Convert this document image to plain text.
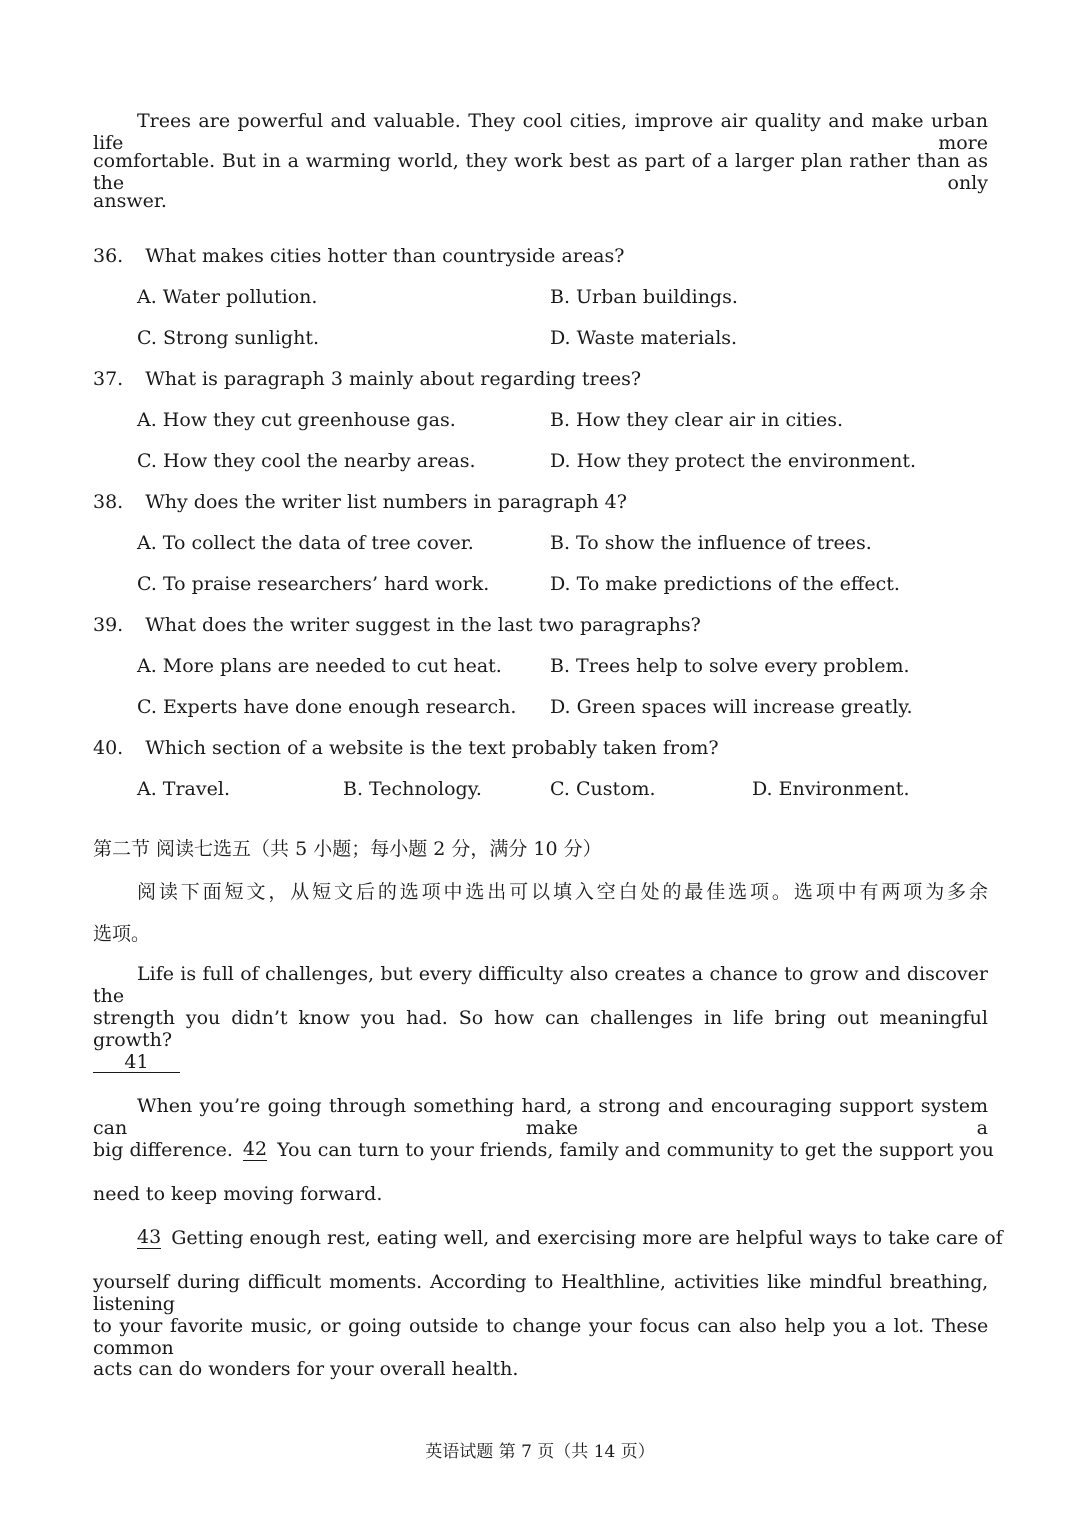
Trees are powerful and valuable. They cool cities, improve air quality and make urban life more
comfortable. But in a warming world, they work best as part of a larger plan rather than as the only
answer.
36. What makes cities hotter than countryside areas?
A. Water pollution.	B. Urban buildings.
C. Strong sunlight.	D. Waste materials.
37. What is paragraph 3 mainly about regarding trees?
A. How they cut greenhouse gas.	B. How they clear air in cities.
C. How they cool the nearby areas.	D. How they protect the environment.
38. Why does the writer list numbers in paragraph 4?
A. To collect the data of tree cover.	B. To show the influence of trees.
C. To praise researchers’ hard work.	D. To make predictions of the effect.
39. What does the writer suggest in the last two paragraphs?
A. More plans are needed to cut heat.	B. Trees help to solve every problem.
C. Experts have done enough research. D. Green spaces will increase greatly.
40. Which section of a website is the text probably taken from?
A. Travel.	B. Technology.	C. Custom.	D. Environment.
第二节 阅读七选五（共 5 小题；每小题 2 分，满分 10 分）
阅读下面短文，从短文后的选项中选出可以填入空白处的最佳选项。选项中有两项为多余
选项。
Life is full of challenges, but every difficulty also creates a chance to grow and discover the
strength you didn’t know you had. So how can challenges in life bring out meaningful growth?
41
When you’re going through something hard, a strong and encouraging support system can make a
big difference. 42 You can turn to your friends, family and community to get the support you
need to keep moving forward.
43 Getting enough rest, eating well, and exercising more are helpful ways to take care of
yourself during difficult moments. According to Healthline, activities like mindful breathing, listening
to your favorite music, or going outside to change your focus can also help you a lot. These common
acts can do wonders for your overall health.
英语试题 第 7 页（共 14 页）
